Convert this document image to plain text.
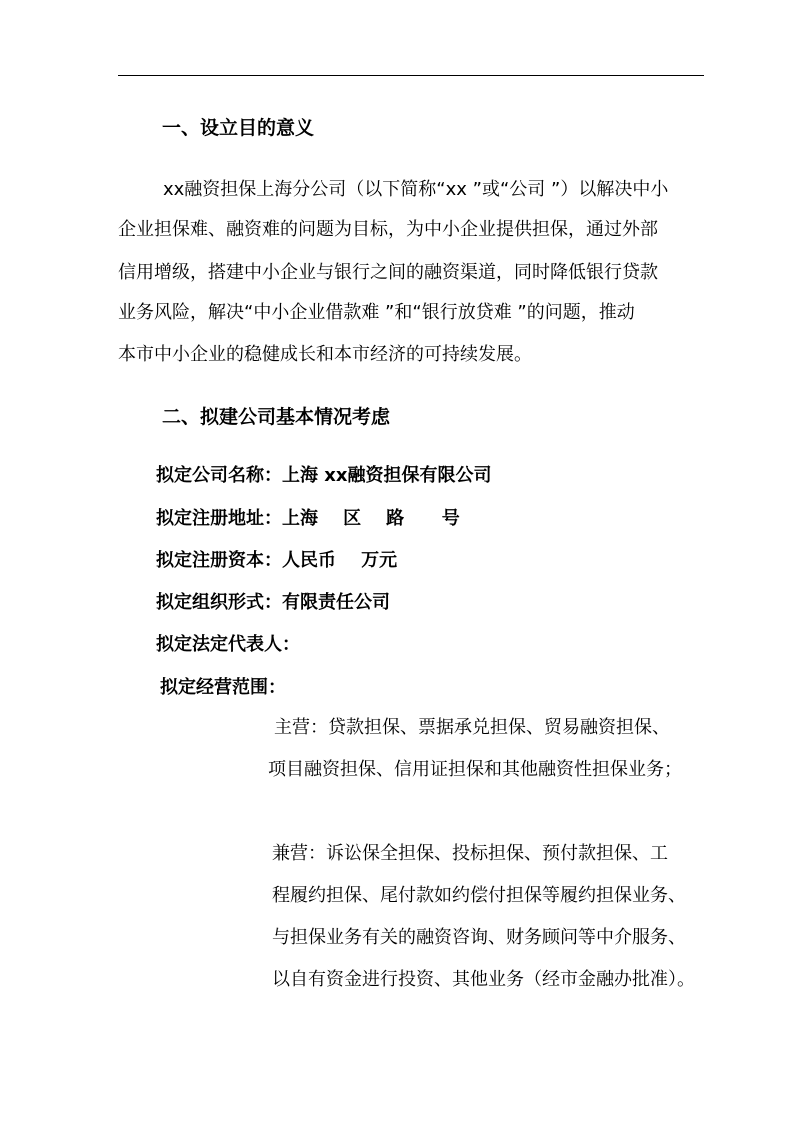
一、设立目的意义
xx融资担保上海分公司（以下简称“xx ”或“公司 ”）以解决中小
企业担保难、融资难的问题为目标，为中小企业提供担保，通过外部
信用增级，搭建中小企业与银行之间的融资渠道，同时降低银行贷款
业务风险，解决“中小企业借款难 ”和“银行放贷难 ”的问题，推动
本市中小企业的稳健成长和本市经济的可持续发展。
二、拟建公司基本情况考虑
拟定公司名称：上海 xx融资担保有限公司
拟定注册地址：上海    区    路      号
拟定注册资本：人民币    万元
拟定组织形式：有限责任公司
拟定法定代表人：
拟定经营范围：
主营：贷款担保、票据承兑担保、贸易融资担保、
项目融资担保、信用证担保和其他融资性担保业务；
兼营：诉讼保全担保、投标担保、预付款担保、工
程履约担保、尾付款如约偿付担保等履约担保业务、
与担保业务有关的融资咨询、财务顾问等中介服务、
以自有资金进行投资、其他业务（经市金融办批准）。
